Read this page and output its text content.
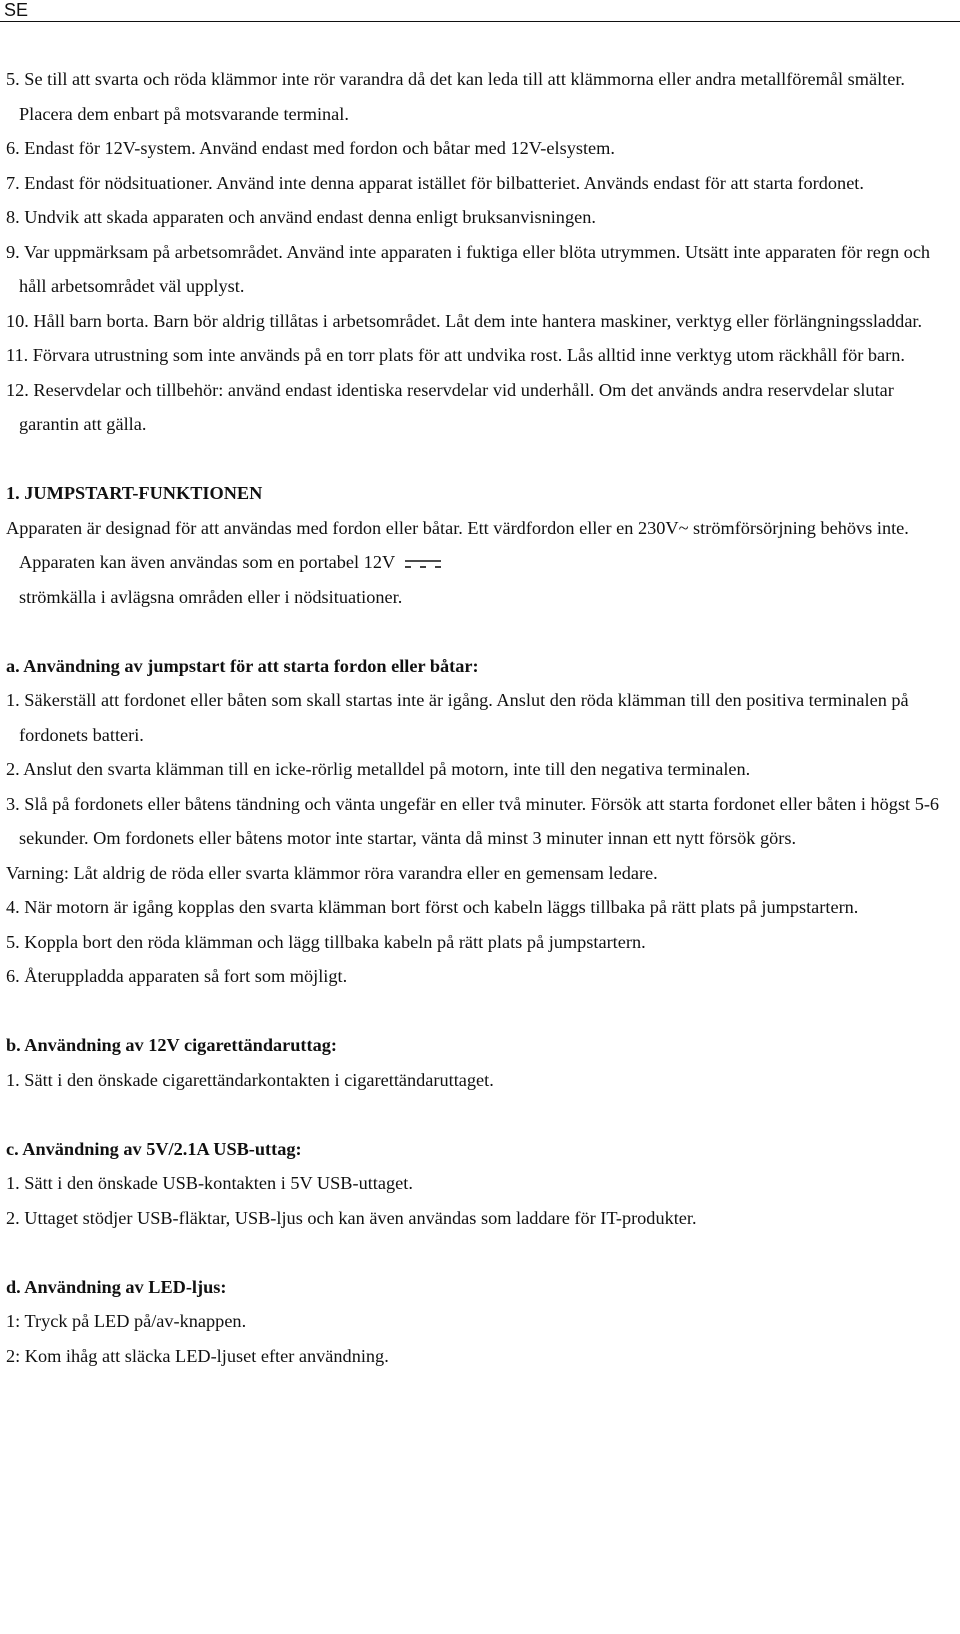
SE

5. Se till att svarta och röda klämmor inte rör varandra då det kan leda till att klämmorna eller andra metallföremål smälter. Placera dem enbart på motsvarande terminal.

6. Endast för 12V-system. Använd endast med fordon och båtar med 12V-elsystem.

7. Endast för nödsituationer. Använd inte denna apparat istället för bilbatteriet. Används endast för att starta fordonet.

8. Undvik att skada apparaten och använd endast denna enligt bruksanvisningen.

9. Var uppmärksam på arbetsområdet. Använd inte apparaten i fuktiga eller blöta utrymmen. Utsätt inte apparaten för regn och håll arbetsområdet väl upplyst.

10. Håll barn borta. Barn bör aldrig tillåtas i arbetsområdet. Låt dem inte hantera maskiner, verktyg eller förlängningssladdar.

11. Förvara utrustning som inte används på en torr plats för att undvika rost. Lås alltid inne verktyg utom räckhåll för barn.

12. Reservdelar och tillbehör: använd endast identiska reservdelar vid underhåll. Om det används andra reservdelar slutar garantin att gälla.

1. JUMPSTART-FUNKTIONEN

Apparaten är designad för att användas med fordon eller båtar. Ett värdfordon eller en 230V~ strömförsörjning behövs inte. Apparaten kan även användas som en portabel 12V
strömkälla i avlägsna områden eller i nödsituationer.

a. Användning av jumpstart för att starta fordon eller båtar:

1. Säkerställ att fordonet eller båten som skall startas inte är igång. Anslut den röda klämman till den positiva terminalen på fordonets batteri.

2. Anslut den svarta klämman till en icke-rörlig metalldel på motorn, inte till den negativa terminalen.

3. Slå på fordonets eller båtens tändning och vänta ungefär en eller två minuter. Försök att starta fordonet eller båten i högst 5-6 sekunder. Om fordonets eller båtens motor inte startar, vänta då minst 3 minuter innan ett nytt försök görs.

Varning: Låt aldrig de röda eller svarta klämmor röra varandra eller en gemensam ledare.

4. När motorn är igång kopplas den svarta klämman bort först och kabeln läggs tillbaka på rätt plats på jumpstartern.

5. Koppla bort den röda klämman och lägg tillbaka kabeln på rätt plats på jumpstartern.

6. Återuppladda apparaten så fort som möjligt.

b. Användning av 12V cigarettändaruttag:

1. Sätt i den önskade cigarettändarkontakten i cigarettändaruttaget.

c. Användning av 5V/2.1A USB-uttag:

1. Sätt i den önskade USB-kontakten i 5V USB-uttaget.

2. Uttaget stödjer USB-fläktar, USB-ljus och kan även användas som laddare för IT-produkter.

d. Användning av LED-ljus:

1: Tryck på LED på/av-knappen.

2: Kom ihåg att släcka LED-ljuset efter användning.
